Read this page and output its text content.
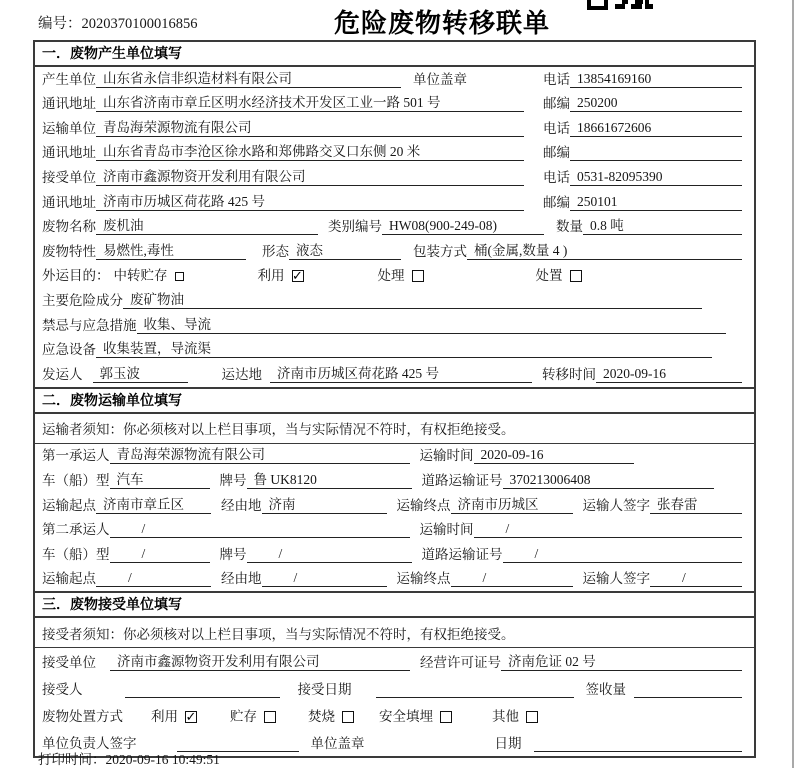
编号：2020370100016856	危险废物转移联单
一．废物产生单位填写
产生单位 山东省永信非织造材料有限公司	单位盖章	电话 13854169160
通讯地址 山东省济南市章丘区明水经济技术开发区工业一路 501 号	邮编 250200
运输单位 青岛海荣源物流有限公司	电话 18661672606
通讯地址 山东省青岛市李沧区徐水路和郑佛路交叉口东侧 20 米	邮编
接受单位 济南市鑫源物资开发利用有限公司	电话 0531-82095390
通讯地址 济南市历城区荷花路 425 号	邮编 250101
废物名称 废机油	类别编号 HW08(900-249-08)	数量 0.8 吨
废物特性 易燃性,毒性	形态 液态	包装方式 桶(金属,数量 4 )
外运目的： 中转贮存	利用 ✓	处理	处置
主要危险成分 废矿物油
禁忌与应急措施 收集、导流
应急设备 收集装置，导流渠
发运人	郭玉波	运达地	济南市历城区荷花路 425 号	转移时间 2020-09-16
二．废物运输单位填写
运输者须知：你必须核对以上栏目事项，当与实际情况不符时，有权拒绝接受。
第一承运人 青岛海荣源物流有限公司	运输时间 2020-09-16
车（船）型 汽车	牌号 鲁 UK8120	道路运输证号 370213006408
运输起点 济南市章丘区	经由地 济南	运输终点 济南市历城区	运输人签字 张春雷
第二承运人	/	运输时间	/
车（船）型	/	牌号	/	道路运输证号	/
运输起点	/	经由地	/	运输终点	/	运输人签字	/
三．废物接受单位填写
接受者须知：你必须核对以上栏目事项，当与实际情况不符时，有权拒绝接受。
接受单位	济南市鑫源物资开发利用有限公司	经营许可证号 济南危证 02 号
接受人	接受日期	签收量
废物处置方式 利用 ✓ 贮存	焚烧	安全填埋	其他
单位负责人签字	单位盖章	日期
打印时间：2020-09-16 10:49:51
